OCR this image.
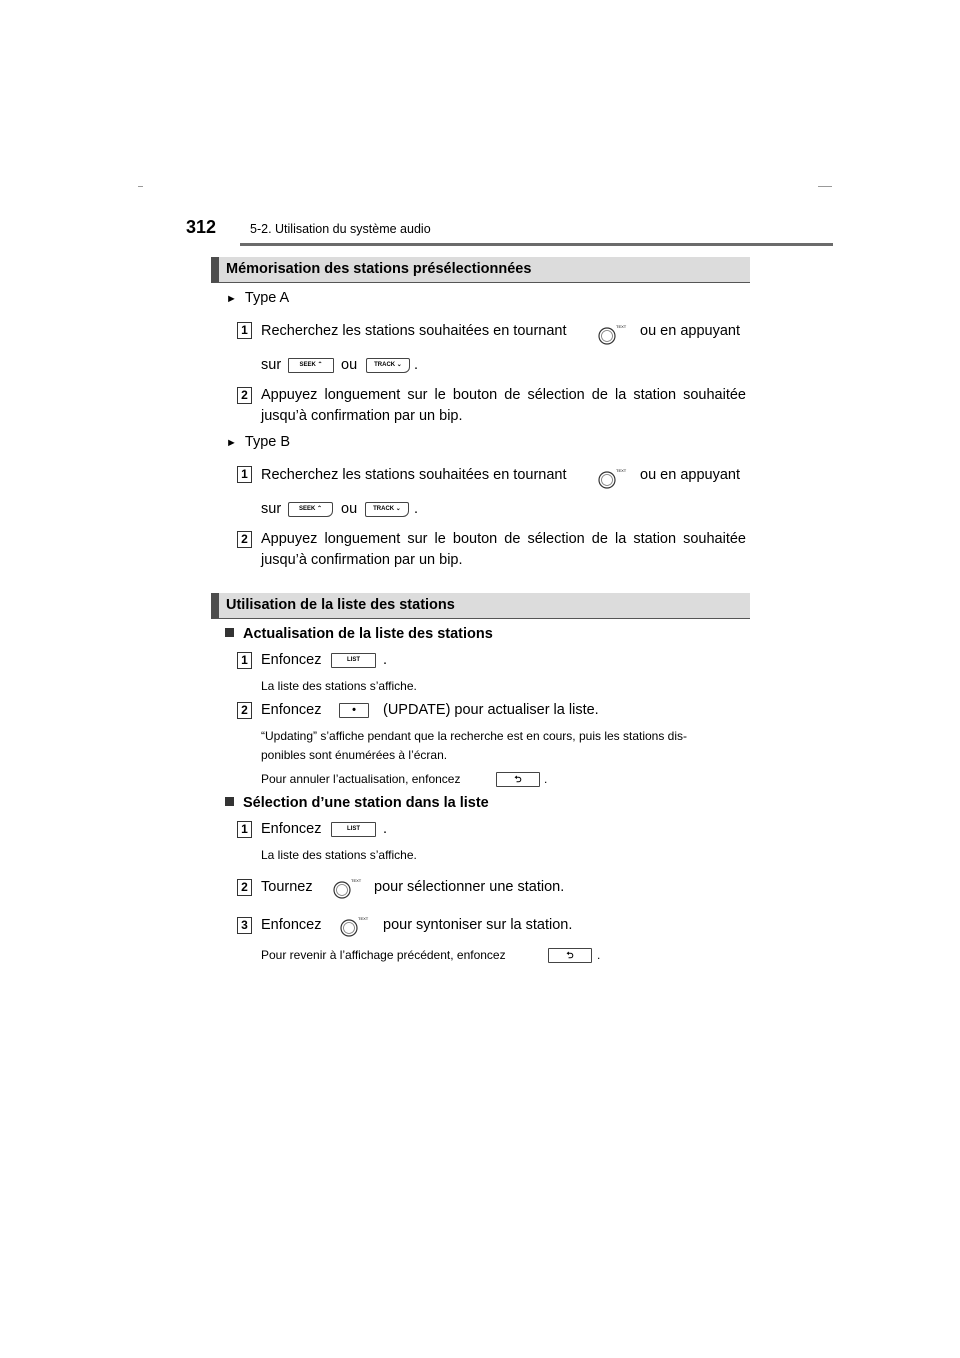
312	5-2. Utilisation du système audio
Mémorisation des stations présélectionnées
► Type A
1 Recherchez les stations souhaitées en tournant	TEXT ou en appuyant
sur	SEEK ⌃	ou	TRACK ⌄ .
2 Appuyez longuement sur le bouton de sélection de la station souhaitée
jusqu’à confirmation par un bip.
► Type B
1 Recherchez les stations souhaitées en tournant	TEXT ou en appuyant
sur	SEEK ⌃	ou	TRACK ⌄ .
2 Appuyez longuement sur le bouton de sélection de la station souhaitée
jusqu’à confirmation par un bip.
Utilisation de la liste des stations
Actualisation de la liste des stations
1 Enfoncez	LIST	.
La liste des stations s’affiche.
2 Enfoncez	•	(UPDATE) pour actualiser la liste.
“Updating” s’affiche pendant que la recherche est en cours, puis les stations dis-
ponibles sont énumérées à l’écran.
Pour annuler l’actualisation, enfoncez	⮌	.
Sélection d’une station dans la liste
1 Enfoncez	LIST	.
La liste des stations s’affiche.
2 Tournez	TEXT pour sélectionner une station.
3 Enfoncez	TEXT pour syntoniser sur la station.
Pour revenir à l’affichage précédent, enfoncez	⮌	.
